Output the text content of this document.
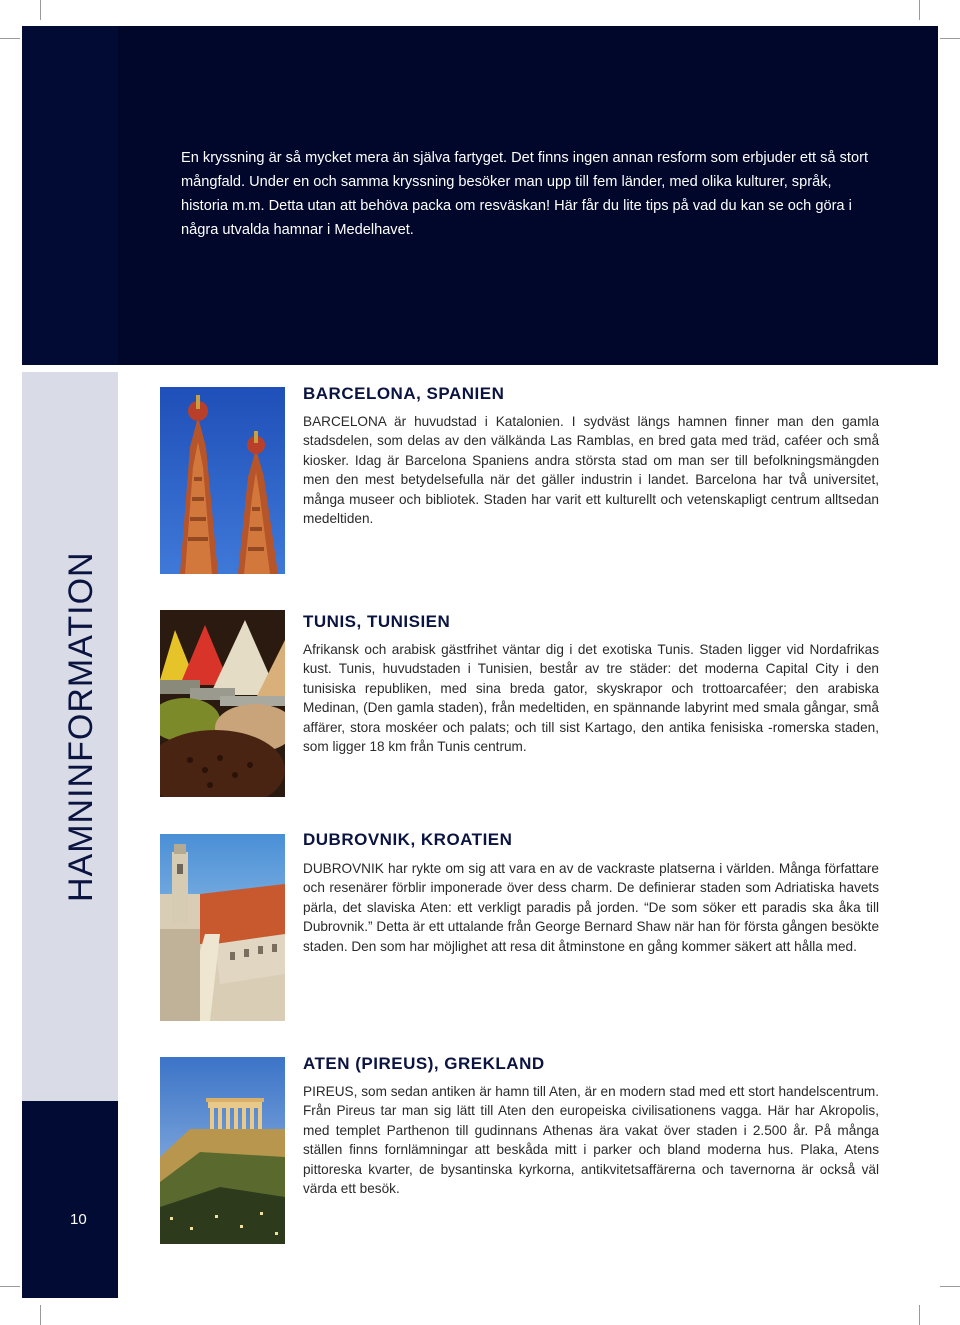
En kryssning är så mycket mera än själva fartyget. Det finns ingen annan resform som erbjuder ett så stort mångfald. Under en och samma kryssning besöker man upp till fem länder, med olika kulturer, språk, historia m.m. Detta utan att behöva packa om resväskan! Här får du lite tips på vad du kan se och göra i några utvalda hamnar i Medelhavet.

HAMNINFORMATION
10
BARCELONA, SPANIEN

BARCELONA är huvudstad i Katalonien. I sydväst längs hamnen finner man den gamla stadsdelen, som delas av den välkända Las Ramblas, en bred gata med träd, caféer och små kiosker. Idag är Barcelona Spaniens andra största stad om man ser till befolkningsmängden men den mest betydelsefulla när det gäller industrin i landet. Barcelona har två universitet, många museer och bibliotek. Staden har varit ett kulturellt och vetenskapligt centrum alltsedan medeltiden.

TUNIS, TUNISIEN

Afrikansk och arabisk gästfrihet väntar dig i det exotiska Tunis. Staden ligger vid Nordafrikas kust. Tunis, huvudstaden i Tunisien, består av tre städer: det moderna Capital City i den tunisiska republiken, med sina breda gator, skyskrapor och trottoarcaféer; den arabiska Medinan, (Den gamla staden), från medeltiden, en spännande labyrint med smala gångar, små affärer, stora moskéer och palats; och till sist Kartago, den antika fenisiska -romerska staden, som ligger 18 km från Tunis centrum.

DUBROVNIK, KROATIEN

DUBROVNIK har rykte om sig att vara en av de vackraste platserna i världen. Många författare och resenärer förblir imponerade över dess charm. De definierar staden som Adriatiska havets pärla, det slaviska Aten: ett verkligt paradis på jorden. “De som söker ett paradis ska åka till Dubrovnik.” Detta är ett uttalande från George Bernard Shaw när han för första gången besökte staden. Den som har möjlighet att resa dit åtminstone en gång kommer säkert att hålla med.

ATEN (PIREUS), GREKLAND

PIREUS, som sedan antiken är hamn till Aten, är en modern stad med ett stort handelscentrum. Från Pireus tar man sig lätt till Aten den europeiska civilisationens vagga. Här har Akropolis, med templet Parthenon till gudinnans Athenas ära vakat över staden i 2.500 år. På många ställen finns fornlämningar att beskåda mitt i parker och bland moderna hus. Plaka, Atens pittoreska kvarter, de bysantinska kyrkorna, antikvitetsaffärerna och tavernorna är också väl värda ett besök.
